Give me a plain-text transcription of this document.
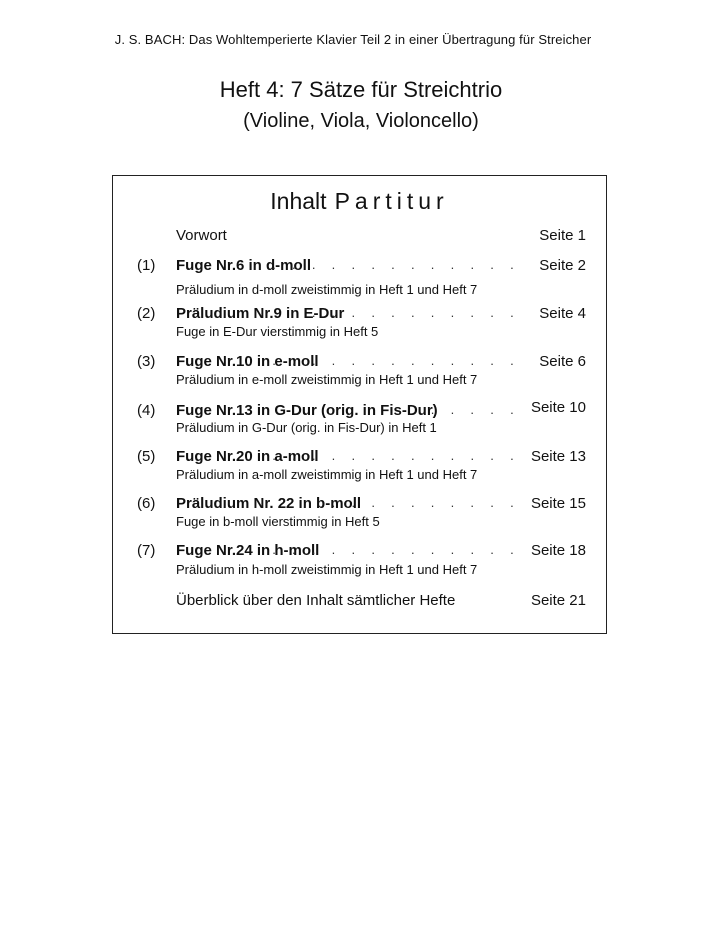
J. S. BACH: Das Wohltemperierte Klavier Teil 2 in einer Übertragung für Streicher
Heft 4: 7 Sätze für Streichtrio
(Violine, Viola, Violoncello)
Inhalt Partitur
Vorwort	Seite 1
(1) Fuge Nr.6 in d-moll
. . . . . . . . . . . . . Seite 2
Präludium in d-moll zweistimmig in Heft 1 und Heft 7
(2) Präludium Nr.9 in E-Dur
. . . . . . . . . . . Seite 4
Fuge in E-Dur vierstimmig in Heft 5
(3) Fuge Nr.10 in e-moll
. . . . . . . . . . . . . Seite 6
Präludium in e-moll zweistimmig in Heft 1 und Heft 7
(4) Fuge Nr.13 in G-Dur (orig. in Fis-Dur)
. . . . . Seite 10
Präludium in G-Dur (orig. in Fis-Dur) in Heft 1
(5) Fuge Nr.20 in a-moll
. . . . . . . . . . . . . Seite 13
Präludium in a-moll zweistimmig in Heft 1 und Heft 7
(6) Präludium Nr. 22 in b-moll
. . . . . . . . . . Seite 15
Fuge in b-moll vierstimmig in Heft 5
(7) Fuge Nr.24 in h-moll
. . . . . . . . . . . . . Seite 18
Präludium in h-moll zweistimmig in Heft 1 und Heft 7
Überblick über den Inhalt sämtlicher Hefte	Seite 21
